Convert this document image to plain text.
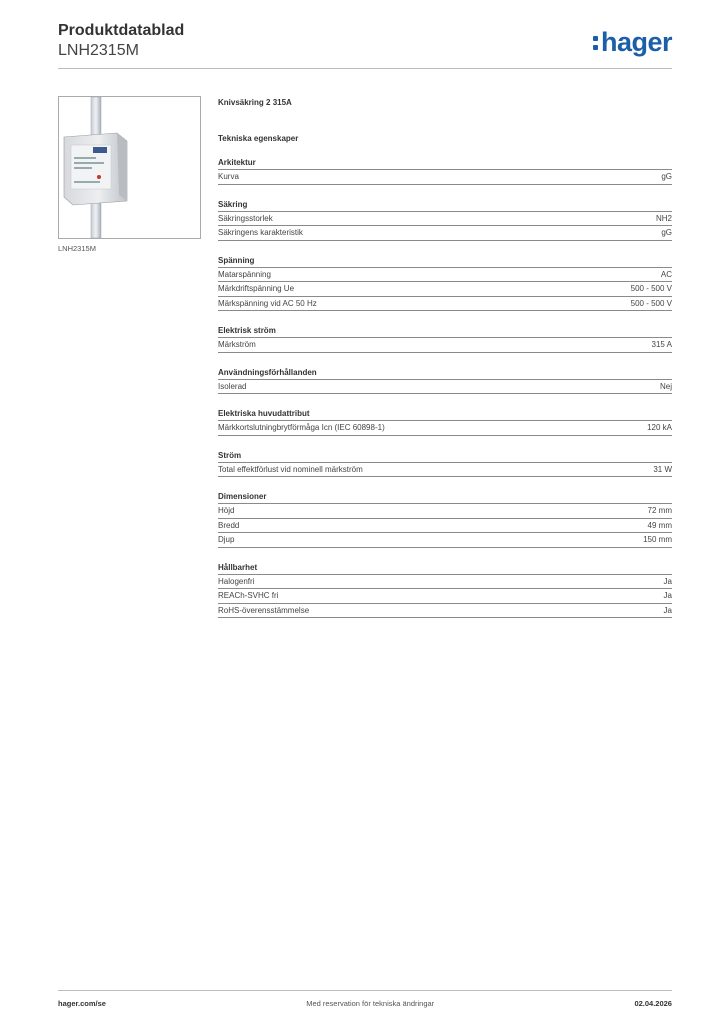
Produktdatablad
LNH2315M	hager
LNH2315M
Knivsäkring 2 315A
Tekniska egenskaper
Arkitektur
Kurva	gG
Säkring
Säkringsstorlek	NH2
Säkringens karakteristik	gG
Spänning
Matarspänning	AC
Märkdriftspänning Ue	500 - 500 V
Märkspänning vid AC 50 Hz	500 - 500 V
Elektrisk ström
Märkström	315 A
Användningsförhållanden
Isolerad	Nej
Elektriska huvudattribut
Märkkortslutningbrytförmåga Icn (IEC 60898-1)	120 kA
Ström
Total effektförlust vid nominell märkström	31 W
Dimensioner
Höjd	72 mm
Bredd	49 mm
Djup	150 mm
Hållbarhet
Halogenfri	Ja
REACh-SVHC fri	Ja
RoHS-överensstämmelse	Ja
hager.com/se	Med reservation för tekniska ändringar	02.04.2026
